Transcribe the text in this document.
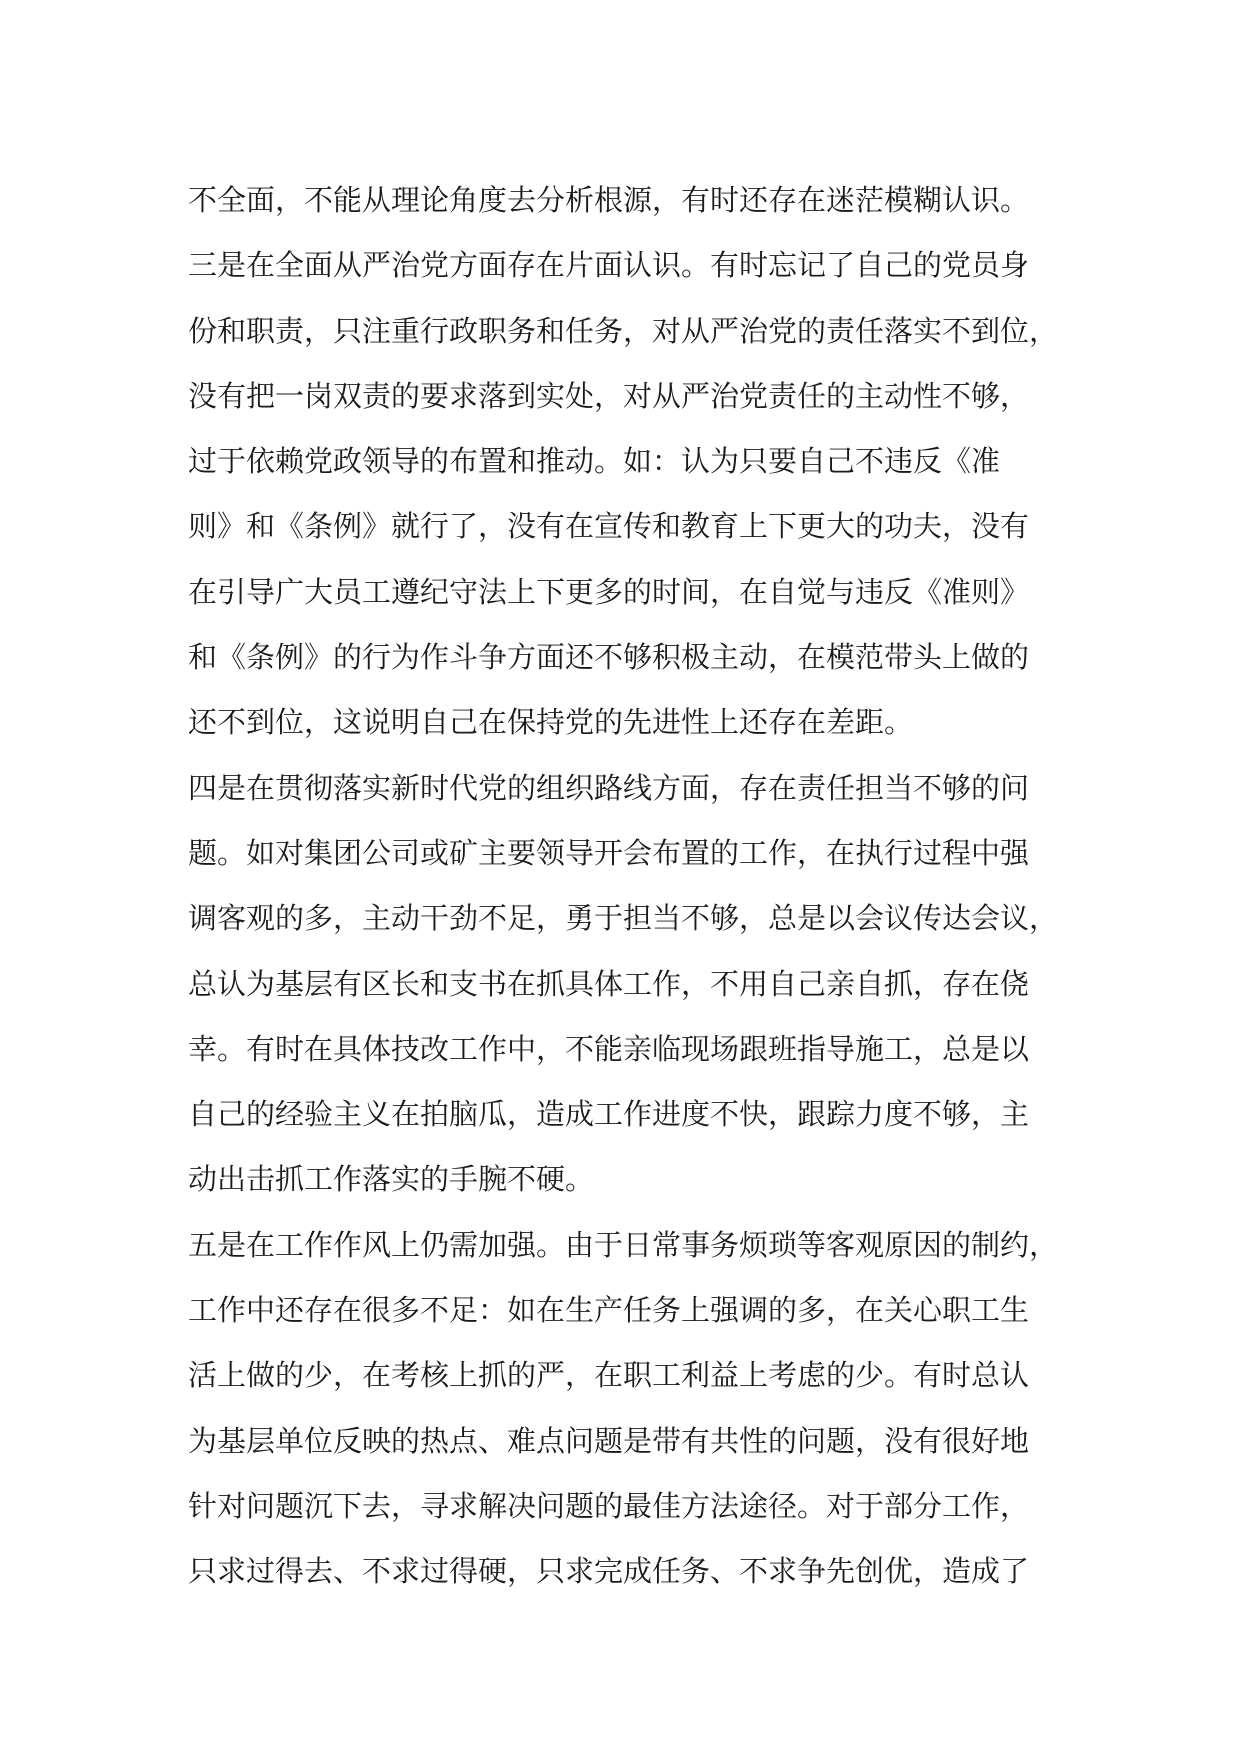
不全面，不能从理论角度去分析根源，有时还存在迷茫模糊认识。
三是在全面从严治党方面存在片面认识。有时忘记了自己的党员身
份和职责，只注重行政职务和任务，对从严治党的责任落实不到位，
没有把一岗双责的要求落到实处，对从严治党责任的主动性不够，
过于依赖党政领导的布置和推动。如：认为只要自己不违反《准
则》和《条例》就行了，没有在宣传和教育上下更大的功夫，没有
在引导广大员工遵纪守法上下更多的时间，在自觉与违反《准则》
和《条例》的行为作斗争方面还不够积极主动，在模范带头上做的
还不到位，这说明自己在保持党的先进性上还存在差距。
四是在贯彻落实新时代党的组织路线方面，存在责任担当不够的问
题。如对集团公司或矿主要领导开会布置的工作，在执行过程中强
调客观的多，主动干劲不足，勇于担当不够，总是以会议传达会议，
总认为基层有区长和支书在抓具体工作，不用自己亲自抓，存在侥
幸。有时在具体技改工作中，不能亲临现场跟班指导施工，总是以
自己的经验主义在拍脑瓜，造成工作进度不快，跟踪力度不够，主
动出击抓工作落实的手腕不硬。
五是在工作作风上仍需加强。由于日常事务烦琐等客观原因的制约，
工作中还存在很多不足：如在生产任务上强调的多，在关心职工生
活上做的少，在考核上抓的严，在职工利益上考虑的少。有时总认
为基层单位反映的热点、难点问题是带有共性的问题，没有很好地
针对问题沉下去，寻求解决问题的最佳方法途径。对于部分工作，
只求过得去、不求过得硬，只求完成任务、不求争先创优，造成了
